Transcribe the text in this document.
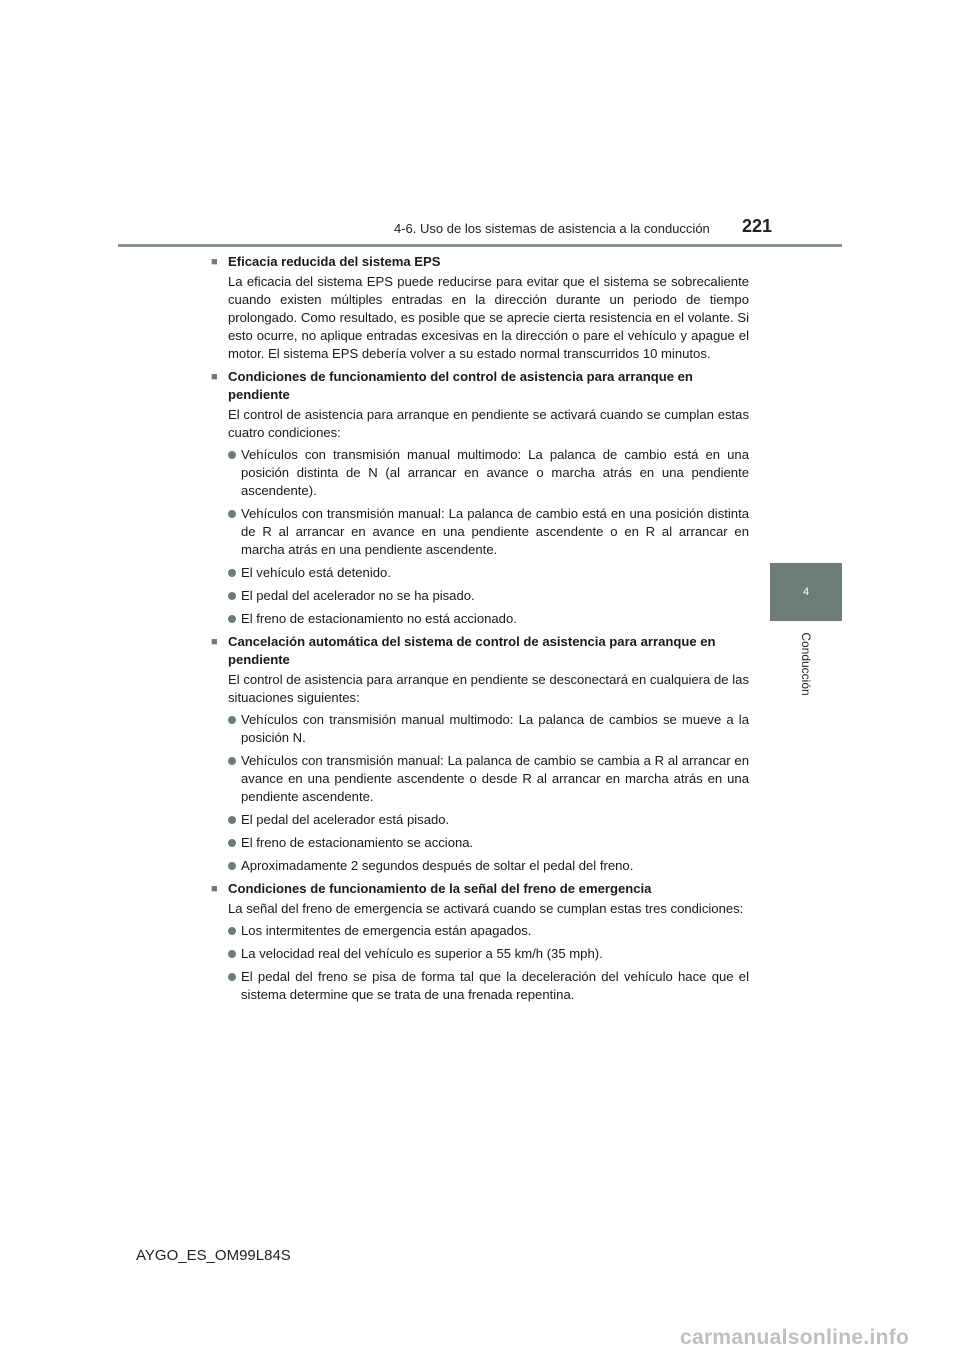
4-6. Uso de los sistemas de asistencia a la conducción 221
4
Conducción
■ Eficacia reducida del sistema EPS
La eficacia del sistema EPS puede reducirse para evitar que el sistema se sobrecaliente cuando existen múltiples entradas en la dirección durante un periodo de tiempo prolongado. Como resultado, es posible que se aprecie cierta resistencia en el volante. Si esto ocurre, no aplique entradas excesivas en la dirección o pare el vehículo y apague el motor. El sistema EPS debería volver a su estado normal transcurridos 10 minutos.
■ Condiciones de funcionamiento del control de asistencia para arranque en pendiente
El control de asistencia para arranque en pendiente se activará cuando se cumplan estas cuatro condiciones:
Vehículos con transmisión manual multimodo: La palanca de cambio está en una posición distinta de N (al arrancar en avance o marcha atrás en una pendiente ascendente).
Vehículos con transmisión manual: La palanca de cambio está en una posición distinta de R al arrancar en avance en una pendiente ascendente o en R al arrancar en marcha atrás en una pendiente ascendente.
El vehículo está detenido.
El pedal del acelerador no se ha pisado.
El freno de estacionamiento no está accionado.
■ Cancelación automática del sistema de control de asistencia para arranque en pendiente
El control de asistencia para arranque en pendiente se desconectará en cualquiera de las situaciones siguientes:
Vehículos con transmisión manual multimodo: La palanca de cambios se mueve a la posición N.
Vehículos con transmisión manual: La palanca de cambio se cambia a R al arrancar en avance en una pendiente ascendente o desde R al arrancar en marcha atrás en una pendiente ascendente.
El pedal del acelerador está pisado.
El freno de estacionamiento se acciona.
Aproximadamente 2 segundos después de soltar el pedal del freno.
■ Condiciones de funcionamiento de la señal del freno de emergencia
La señal del freno de emergencia se activará cuando se cumplan estas tres condiciones:
Los intermitentes de emergencia están apagados.
La velocidad real del vehículo es superior a 55 km/h (35 mph).
El pedal del freno se pisa de forma tal que la deceleración del vehículo hace que el sistema determine que se trata de una frenada repentina.
AYGO_ES_OM99L84S
carmanualsonline.info
